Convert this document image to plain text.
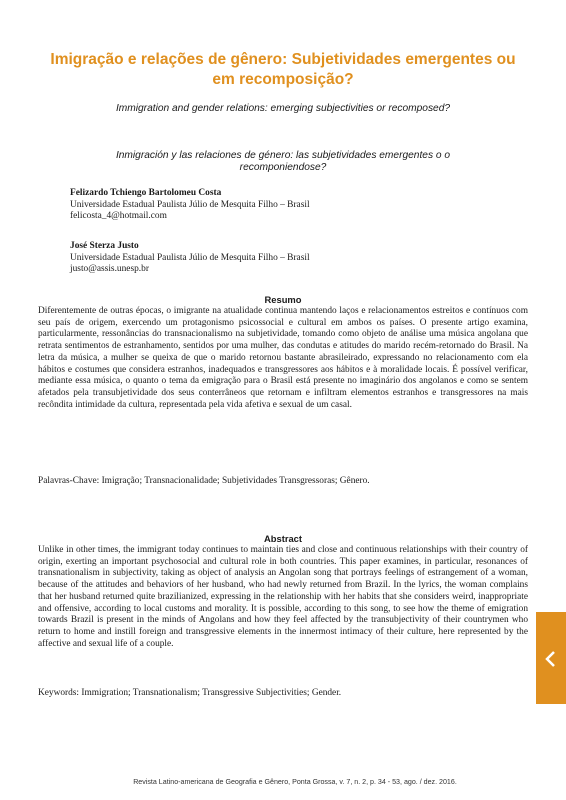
Imigração e relações de gênero: Subjetividades emergentes ou em recomposição?

Immigration and gender relations: emerging subjectivities or recomposed?

Inmigración y las relaciones de género: las subjetividades emergentes o o recomponiendose?

Felizardo Tchiengo Bartolomeu Costa
Universidade Estadual Paulista Júlio de Mesquita Filho – Brasil
felicosta_4@hotmail.com
José Sterza Justo
Universidade Estadual Paulista Júlio de Mesquita Filho – Brasil
justo@assis.unesp.br
Resumo

Diferentemente de outras épocas, o imigrante na atualidade continua mantendo laços e relacionamentos estreitos e contínuos com seu país de origem, exercendo um protagonismo psicossocial e cultural em ambos os países. O presente artigo examina, particularmente, ressonâncias do transnacionalismo na subjetividade, tomando como objeto de análise uma música angolana que retrata sentimentos de estranhamento, sentidos por uma mulher, das condutas e atitudes do marido recém-retornado do Brasil. Na letra da música, a mulher se queixa de que o marido retornou bastante abrasileirado, expressando no relacionamento com ela hábitos e costumes que considera estranhos, inadequados e transgressores aos hábitos e à moralidade locais. É possível verificar, mediante essa música, o quanto o tema da emigração para o Brasil está presente no imaginário dos angolanos e como se sentem afetados pela transubjetividade dos seus conterrâneos que retornam e infiltram elementos estranhos e transgressores na mais recôndita intimidade da cultura, representada pela vida afetiva e sexual de um casal.

Palavras-Chave: Imigração; Transnacionalidade; Subjetividades Transgressoras; Gênero.

Abstract

Unlike in other times, the immigrant today continues to maintain ties and close and continuous relationships with their country of origin, exerting an important psychosocial and cultural role in both countries. This paper examines, in particular, resonances of transnationalism in subjectivity, taking as object of analysis an Angolan song that portrays feelings of estrangement of a woman, because of the attitudes and behaviors of her husband, who had newly returned from Brazil. In the lyrics, the woman complains that her husband returned quite brazilianized, expressing in the relationship with her habits that she considers weird, inappropriate and offensive, according to local customs and morality. It is possible, according to this song, to see how the theme of emigration towards Brazil is present in the minds of Angolans and how they feel affected by the transubjectivity of their countrymen who return to home and instill foreign and transgressive elements in the innermost intimacy of their culture, here represented by the affective and sexual life of a couple.

Keywords: Immigration; Transnationalism; Transgressive Subjectivities; Gender.

Revista Latino-americana de Geografia e Gênero, Ponta Grossa, v. 7, n. 2, p. 34 - 53, ago. / dez. 2016.
